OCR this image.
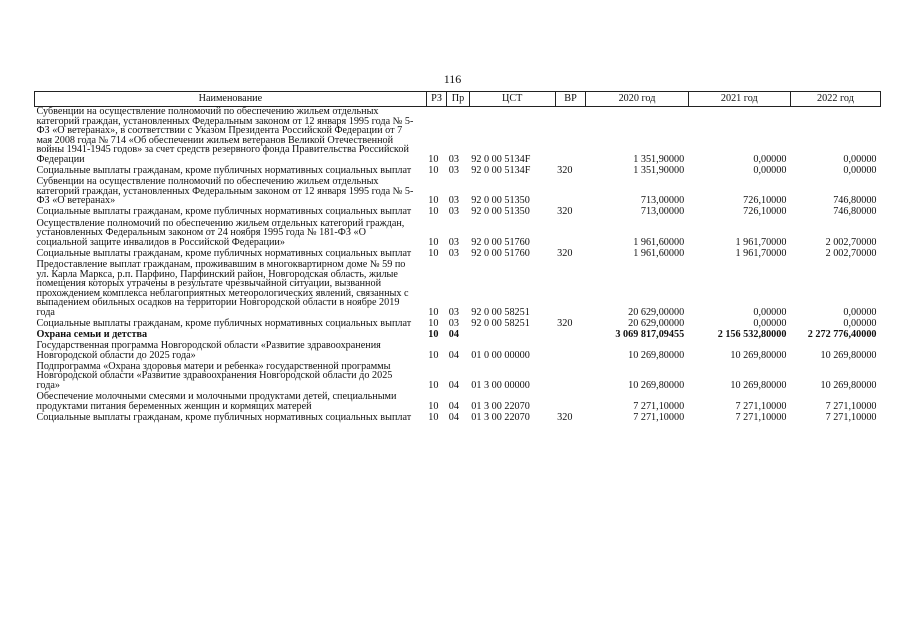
116
Наименование	РЗ	Пр	ЦСТ	ВР	2020 год	2021 год	2022 год
Субвенции на осуществление полномочий по обеспечению жильем отдельных категорий граждан, установленных Федеральным законом от 12 января 1995 года № 5-ФЗ «О ветеранах», в соответствии с Указом Президента Российской Федерации от 7 мая 2008 года № 714 «Об обеспечении жильем ветеранов Великой Отечественной войны 1941-1945 годов» за счет средств резервного фонда Правительства Российской Федерации	10	03	92 0 00 5134F		1 351,90000	0,00000	0,00000
Социальные выплаты гражданам, кроме публичных нормативных социальных выплат	10	03	92 0 00 5134F	320	1 351,90000	0,00000	0,00000
Субвенции на осуществление полномочий по обеспечению жильем отдельных категорий граждан, установленных Федеральным законом от 12 января 1995 года № 5-ФЗ «О ветеранах»	10	03	92 0 00 51350		713,00000	726,10000	746,80000
Социальные выплаты гражданам, кроме публичных нормативных социальных выплат	10	03	92 0 00 51350	320	713,00000	726,10000	746,80000
Осуществление полномочий по обеспечению жильем отдельных категорий граждан, установленных Федеральным законом от 24 ноября 1995 года № 181-ФЗ «О социальной защите инвалидов в Российской Федерации»	10	03	92 0 00 51760		1 961,60000	1 961,70000	2 002,70000
Социальные выплаты гражданам, кроме публичных нормативных социальных выплат	10	03	92 0 00 51760	320	1 961,60000	1 961,70000	2 002,70000
Предоставление выплат гражданам, проживавшим в многоквартирном доме № 59 по ул. Карла Маркса, р.п. Парфино, Парфинский район, Новгородская область, жилые помещения которых утрачены в результате чрезвычайной ситуации, вызванной прохождением комплекса неблагоприятных метеорологических явлений, связанных с выпадением обильных осадков на территории Новгородской области в ноябре 2019 года	10	03	92 0 00 58251		20 629,00000	0,00000	0,00000
Социальные выплаты гражданам, кроме публичных нормативных социальных выплат	10	03	92 0 00 58251	320	20 629,00000	0,00000	0,00000
Охрана семьи и детства	10	04			3 069 817,09455	2 156 532,80000	2 272 776,40000
Государственная программа Новгородской области «Развитие здравоохранения Новгородской области до 2025 года»	10	04	01 0 00 00000		10 269,80000	10 269,80000	10 269,80000
Подпрограмма «Охрана здоровья матери и ребенка» государственной программы Новгородской области «Развитие здравоохранения Новгородской области до 2025 года»	10	04	01 3 00 00000		10 269,80000	10 269,80000	10 269,80000
Обеспечение молочными смесями и молочными продуктами детей, специальными продуктами питания беременных женщин и кормящих матерей	10	04	01 3 00 22070		7 271,10000	7 271,10000	7 271,10000
Социальные выплаты гражданам, кроме публичных нормативных социальных выплат	10	04	01 3 00 22070	320	7 271,10000	7 271,10000	7 271,10000
